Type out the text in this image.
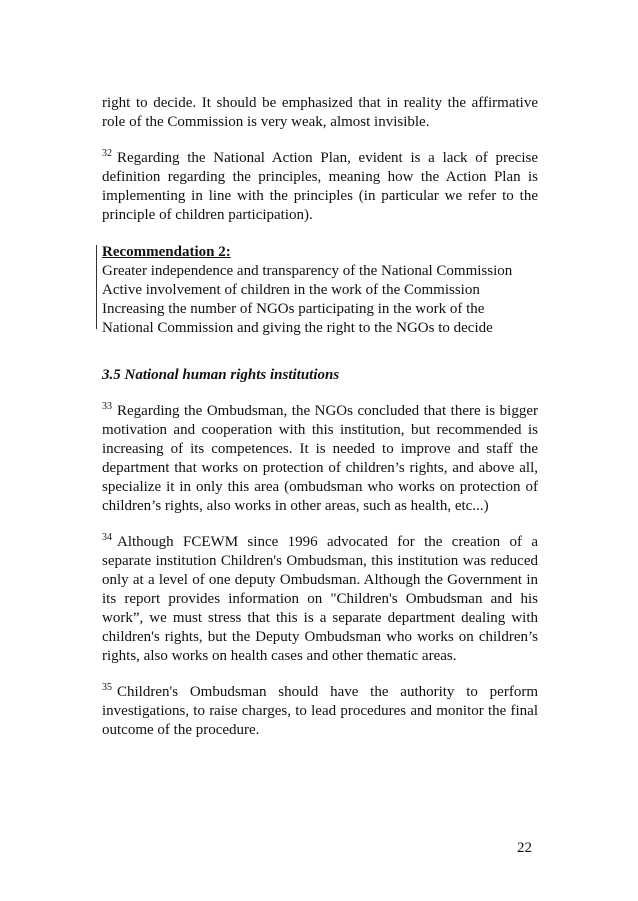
right to decide. It should be emphasized that in reality the affirmative role of the Commission is very weak, almost invisible.

$^{32}$ Regarding the National Action Plan, evident is a lack of precise definition regarding the principles, meaning how the Action Plan is implementing in line with the principles (in particular we refer to the principle of children participation).

Recommendation 2:

Greater independence and transparency of the National Commission

Active involvement of children in the work of the Commission

Increasing the number of NGOs participating in the work of the

National Commission and giving the right to the NGOs to decide

3.5 National human rights institutions

$^{33}$ Regarding the Ombudsman, the NGOs concluded that there is bigger motivation and cooperation with this institution, but recommended is increasing of its competences. It is needed to improve and staff the department that works on protection of children’s rights, and above all, specialize it in only this area (ombudsman who works on protection of children’s rights, also works in other areas, such as health, etc...)

$^{34}$ Although FCEWM since 1996 advocated for the creation of a separate institution Children's Ombudsman, this institution was reduced only at a level of one deputy Ombudsman. Although the Government in its report provides information on "Children's Ombudsman and his work”, we must stress that this is a separate department dealing with children's rights, but the Deputy Ombudsman who works on children’s rights, also works on health cases and other thematic areas.

$^{35}$ Children's Ombudsman should have the authority to perform investigations, to raise charges, to lead procedures and monitor the final outcome of the procedure.

22
